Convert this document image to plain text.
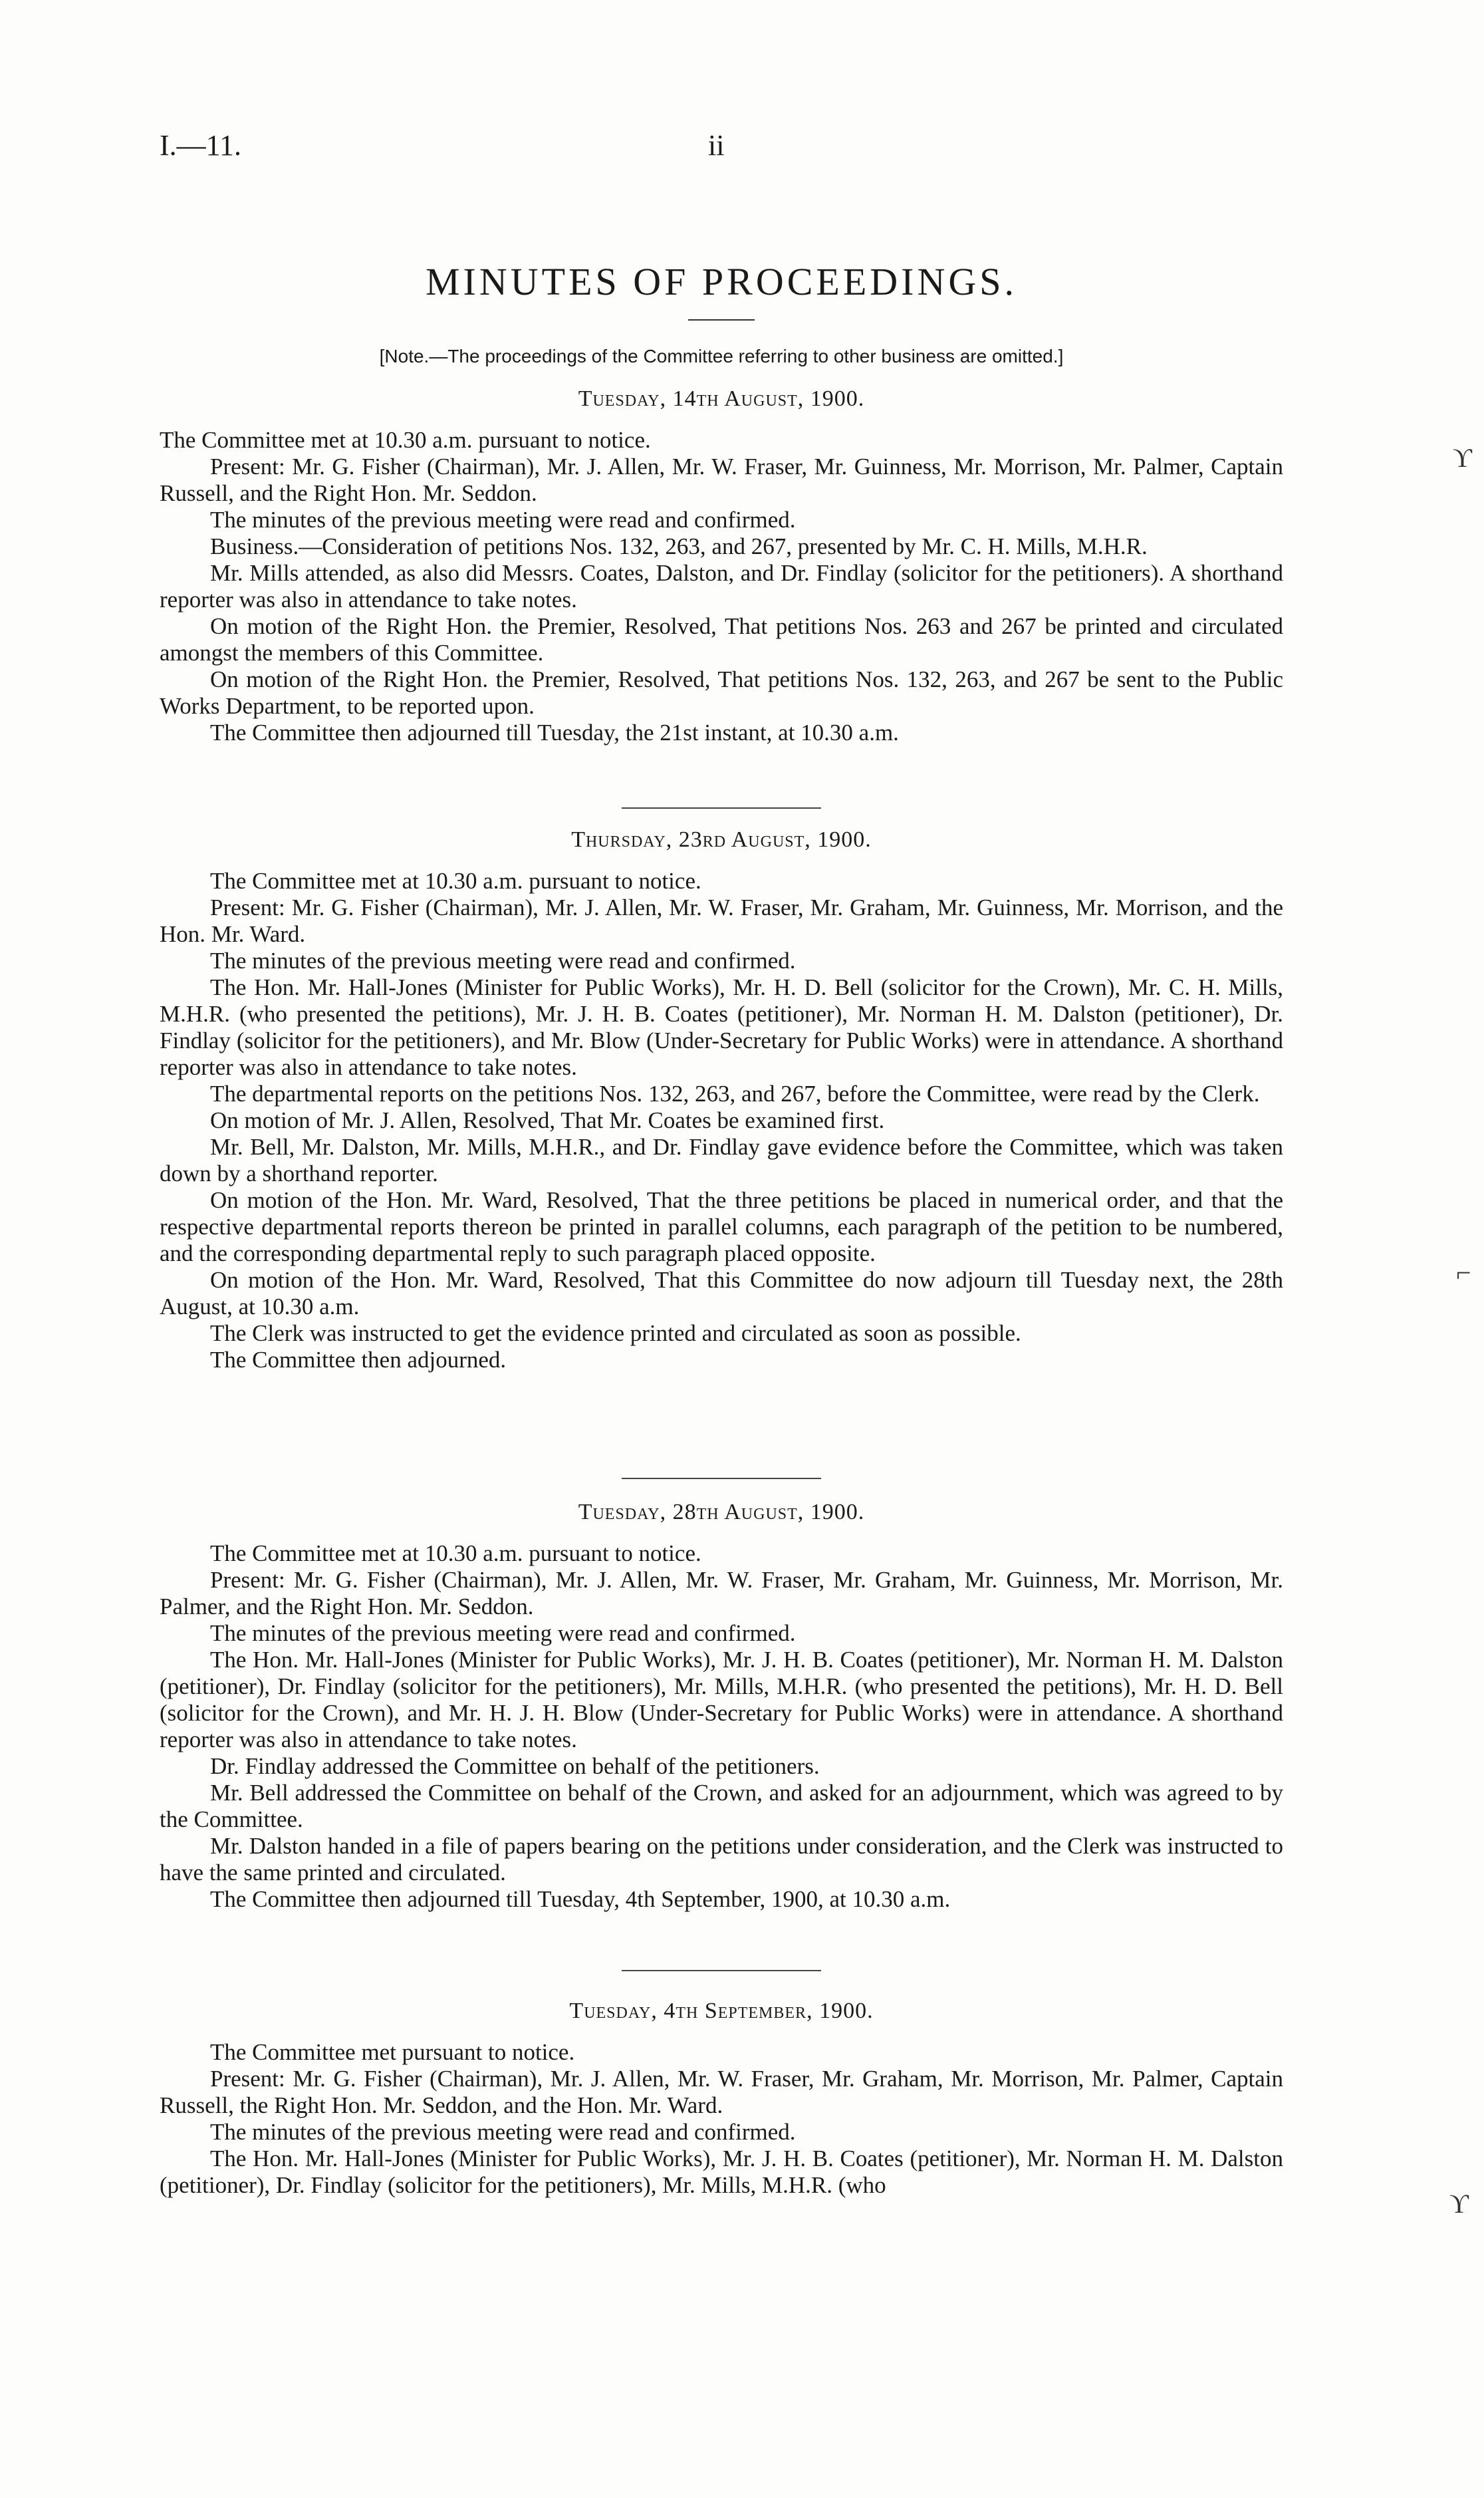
I.—11.	ii
MINUTES OF PROCEEDINGS.
[Note.—The proceedings of the Committee referring to other business are omitted.]
Tuesday, 14th August, 1900.

The Committee met at 10.30 a.m. pursuant to notice.

Present: Mr. G. Fisher (Chairman), Mr. J. Allen, Mr. W. Fraser, Mr. Guinness, Mr. Morrison, Mr. Palmer, Captain Russell, and the Right Hon. Mr. Seddon.

The minutes of the previous meeting were read and confirmed.

Business.—Consideration of petitions Nos. 132, 263, and 267, presented by Mr. C. H. Mills, M.H.R.

Mr. Mills attended, as also did Messrs. Coates, Dalston, and Dr. Findlay (solicitor for the petitioners). A shorthand reporter was also in attendance to take notes.

On motion of the Right Hon. the Premier, Resolved, That petitions Nos. 263 and 267 be printed and circulated amongst the members of this Committee.

On motion of the Right Hon. the Premier, Resolved, That petitions Nos. 132, 263, and 267 be sent to the Public Works Department, to be reported upon.

The Committee then adjourned till Tuesday, the 21st instant, at 10.30 a.m.

Thursday, 23rd August, 1900.

The Committee met at 10.30 a.m. pursuant to notice.

Present: Mr. G. Fisher (Chairman), Mr. J. Allen, Mr. W. Fraser, Mr. Graham, Mr. Guinness, Mr. Morrison, and the Hon. Mr. Ward.

The minutes of the previous meeting were read and confirmed.

The Hon. Mr. Hall-Jones (Minister for Public Works), Mr. H. D. Bell (solicitor for the Crown), Mr. C. H. Mills, M.H.R. (who presented the petitions), Mr. J. H. B. Coates (petitioner), Mr. Norman H. M. Dalston (petitioner), Dr. Findlay (solicitor for the petitioners), and Mr. Blow (Under-Secretary for Public Works) were in attendance. A shorthand reporter was also in attendance to take notes.

The departmental reports on the petitions Nos. 132, 263, and 267, before the Committee, were read by the Clerk.

On motion of Mr. J. Allen, Resolved, That Mr. Coates be examined first.

Mr. Bell, Mr. Dalston, Mr. Mills, M.H.R., and Dr. Findlay gave evidence before the Committee, which was taken down by a shorthand reporter.

On motion of the Hon. Mr. Ward, Resolved, That the three petitions be placed in numerical order, and that the respective departmental reports thereon be printed in parallel columns, each paragraph of the petition to be numbered, and the corresponding departmental reply to such paragraph placed opposite.

On motion of the Hon. Mr. Ward, Resolved, That this Committee do now adjourn till Tuesday next, the 28th August, at 10.30 a.m.

The Clerk was instructed to get the evidence printed and circulated as soon as possible.

The Committee then adjourned.

Tuesday, 28th August, 1900.

The Committee met at 10.30 a.m. pursuant to notice.

Present: Mr. G. Fisher (Chairman), Mr. J. Allen, Mr. W. Fraser, Mr. Graham, Mr. Guinness, Mr. Morrison, Mr. Palmer, and the Right Hon. Mr. Seddon.

The minutes of the previous meeting were read and confirmed.

The Hon. Mr. Hall-Jones (Minister for Public Works), Mr. J. H. B. Coates (petitioner), Mr. Norman H. M. Dalston (petitioner), Dr. Findlay (solicitor for the petitioners), Mr. Mills, M.H.R. (who presented the petitions), Mr. H. D. Bell (solicitor for the Crown), and Mr. H. J. H. Blow (Under-Secretary for Public Works) were in attendance. A shorthand reporter was also in attendance to take notes.

Dr. Findlay addressed the Committee on behalf of the petitioners.

Mr. Bell addressed the Committee on behalf of the Crown, and asked for an adjournment, which was agreed to by the Committee.

Mr. Dalston handed in a file of papers bearing on the petitions under consideration, and the Clerk was instructed to have the same printed and circulated.

The Committee then adjourned till Tuesday, 4th September, 1900, at 10.30 a.m.

Tuesday, 4th September, 1900.

The Committee met pursuant to notice.

Present: Mr. G. Fisher (Chairman), Mr. J. Allen, Mr. W. Fraser, Mr. Graham, Mr. Morrison, Mr. Palmer, Captain Russell, the Right Hon. Mr. Seddon, and the Hon. Mr. Ward.

The minutes of the previous meeting were read and confirmed.

The Hon. Mr. Hall-Jones (Minister for Public Works), Mr. J. H. B. Coates (petitioner), Mr. Norman H. M. Dalston (petitioner), Dr. Findlay (solicitor for the petitioners), Mr. Mills, M.H.R. (who

ϒ
⌐
ϒ
